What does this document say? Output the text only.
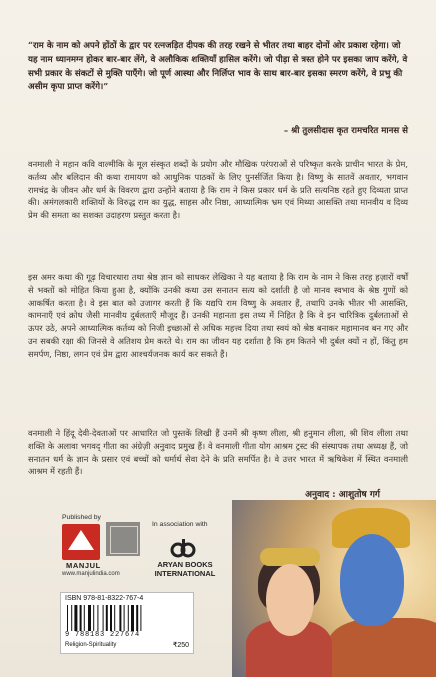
“राम के नाम को अपने होंठों के द्वार पर रत्नजड़ित दीपक की तरह रखने से भीतर तथा बाहर दोनों ओर प्रकाश रहेगा। जो यह नाम ध्यानमग्न होकर बार-बार लेंगे, वे अलौकिक शक्तियाँ हासिल करेंगे। जो पीड़ा से त्रस्त होने पर इसका जाप करेंगे, वे सभी प्रकार के संकटों से मुक्ति पाएँगे। जो पूर्ण आस्था और निर्लिप्त भाव के साथ बार-बार इसका स्मरण करेंगे, वे प्रभु की असीम कृपा प्राप्त करेंगे।”
– श्री तुलसीदास कृत रामचरित मानस से
वनमाली ने महान कवि वाल्मीकि के मूल संस्कृत शब्दों के प्रयोग और मौखिक परंपराओं से परिष्कृत करके प्राचीन भारत के प्रेम, कर्तव्य और बलिदान की कथा रामायण को आधुनिक पाठकों के लिए पुनर्सर्जित किया है। विष्णु के सातवें अवतार, भगवान रामचंद्र के जीवन और धर्म के विवरण द्वारा उन्होंने बताया है कि राम ने किस प्रकार धर्म के प्रति सत्यनिष्ठ रहते हुए दिव्यता प्राप्त की। अमंगलकारी शक्तियों के विरुद्ध राम का युद्ध, साहस और निष्ठा, आध्यात्मिक भ्रम एवं मिथ्या आसक्ति तथा मानवीय व दिव्य प्रेम की समता का सशक्त उदाहरण प्रस्तुत करता है।
इस अमर कथा की गूढ़ विचारधारा तथा श्रेष्ठ ज्ञान को साधकर लेखिका ने यह बताया है कि राम के नाम ने किस तरह हज़ारों वर्षों से भक्तों को मोहित किया हुआ है, क्योंकि उनकी कथा उस सनातन सत्य को दर्शाती है जो मानव स्वभाव के श्रेष्ठ गुणों को आकर्षित करता है। वे इस बात को उजागर करती हैं कि यद्यपि राम विष्णु के अवतार हैं, तथापि उनके भीतर भी आसक्ति, कामनाएँ एवं क्रोध जैसी मानवीय दुर्बलताएँ मौजूद हैं। उनकी महानता इस तथ्य में निहित है कि वे इन चारित्रिक दुर्बलताओं से ऊपर उठे, अपने आध्यात्मिक कर्तव्य को निजी इच्छाओं से अधिक महत्त्व दिया तथा स्वयं को श्रेष्ठ बनाकर महामानव बन गए और उन सबकी रक्षा की जिनसे वे अतिशय प्रेम करते थे। राम का जीवन यह दर्शाता है कि हम कितने भी दुर्बल क्यों न हों, किंतु हम समर्पण, निष्ठा, लगन एवं प्रेम द्वारा आश्चर्यजनक कार्य कर सकते हैं।
वनमाली ने हिंदू देवी-देवताओं पर आधारित जो पुस्तकें लिखी हैं उनमें श्री कृष्ण लीला, श्री हनुमान लीला, श्री शिव लीला तथा शक्ति के अलावा भगवद् गीता का अंग्रेज़ी अनुवाद प्रमुख हैं। वे वनमाली गीता योग आश्रम ट्रस्ट की संस्थापक तथा अध्यक्ष हैं, जो सनातन धर्म के ज्ञान के प्रसार एवं बच्चों को धर्मार्थ सेवा देने के प्रति समर्पित है। वे उत्तर भारत में ऋषिकेश में स्थित वनमाली आश्रम में रहती हैं।
अनुवाद : आशुतोष गर्ग
Published by
MANJUL
www.manjulindia.com
In association with
ARYAN BOOKS INTERNATIONAL
ISBN 978-81-8322-767-4
9 788183 227674
Religion-Spirituality	₹250
